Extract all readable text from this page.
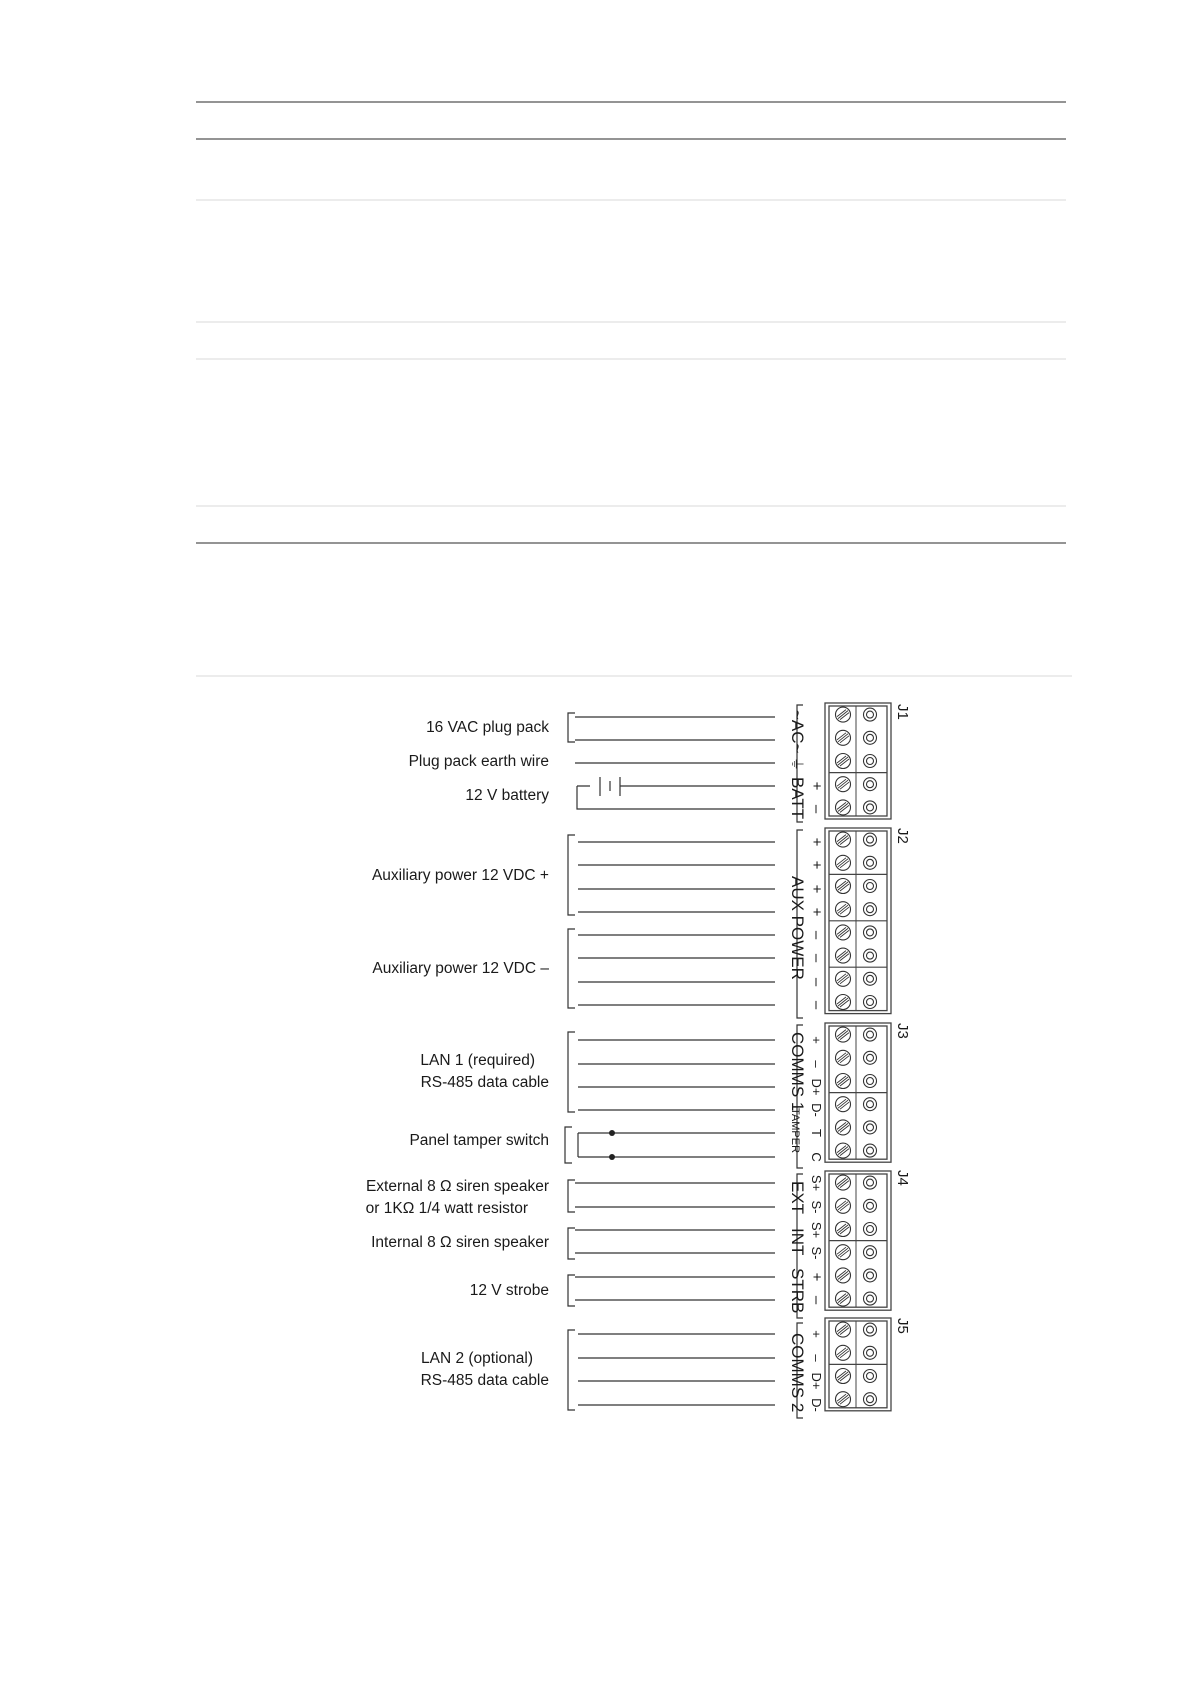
16 VAC plug pack
Plug pack earth wire
12 V battery
Auxiliary power 12 VDC +
Auxiliary power 12 VDC –
LAN 1 (required)
RS-485 data cable
Panel tamper switch
External 8 Ω siren speaker
or 1KΩ 1/4 watt resistor
Internal 8 Ω siren speaker
12 V strobe
LAN 2 (optional)
RS-485 data cable
~AC~
⏚
BATT
AUX POWER
COMMS 1
TAMPER
EXT
INT
STRB
COMMS 2
+
–
+
+
+
+
–
–
–
–
+
–
D+
D-
T
C
S+
S-
S+
S-
+
–
+
–
D+
D-
J1
J2
J3
J4
J5
